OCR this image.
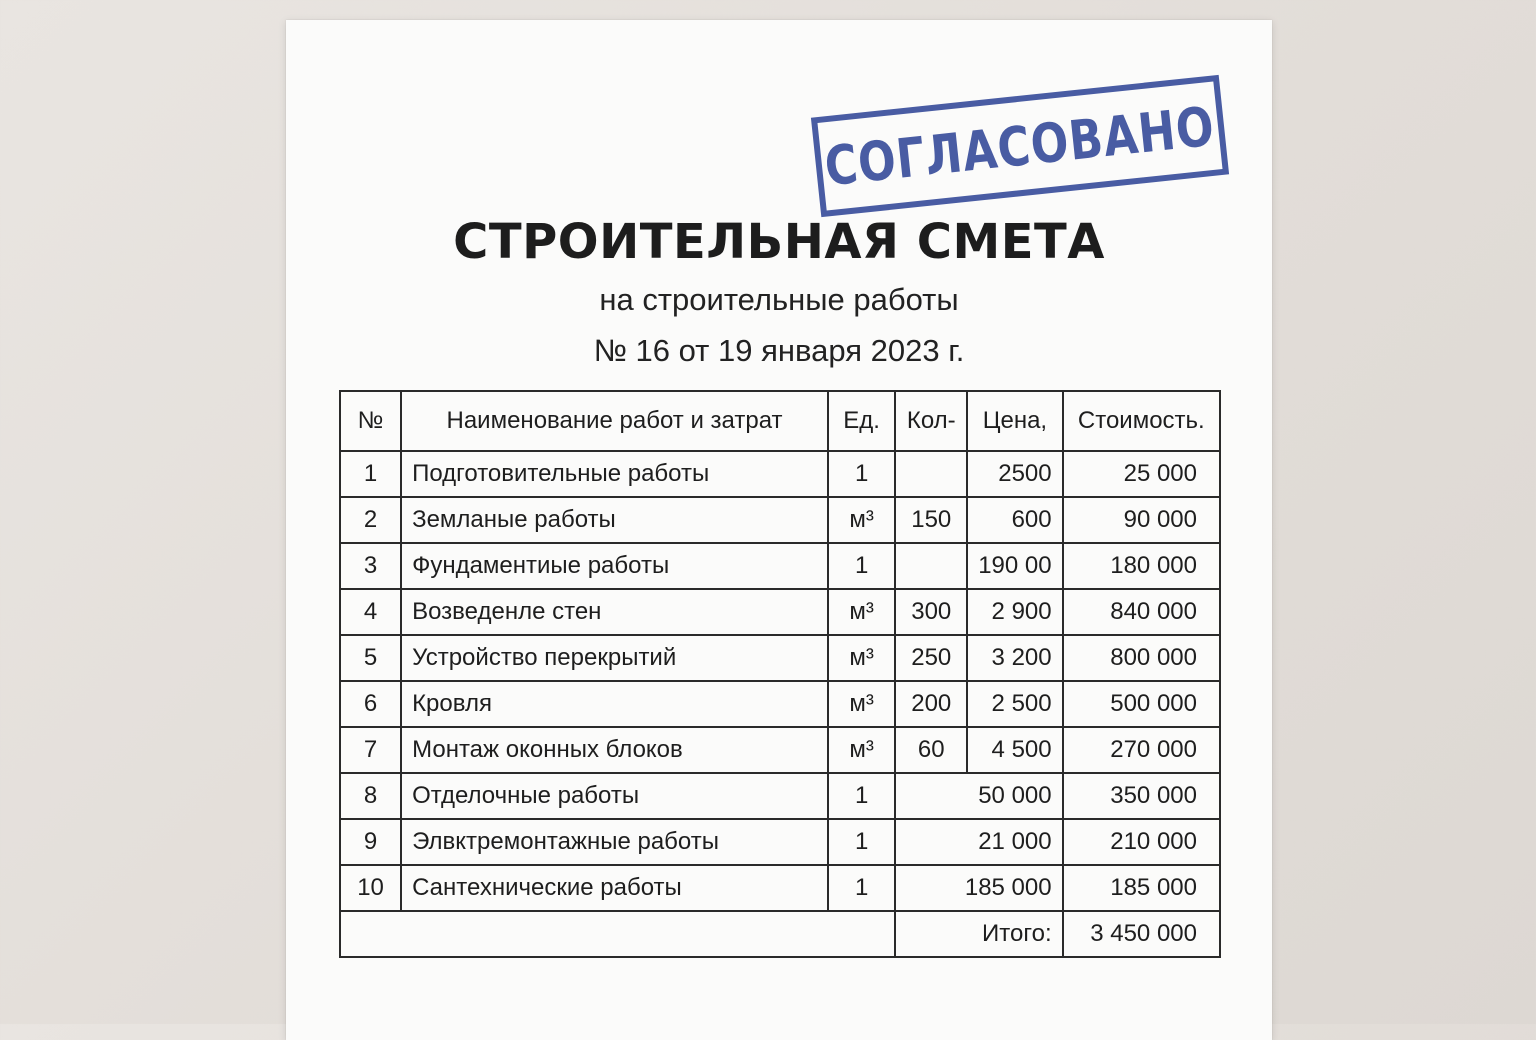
СОГЛАСОВАНО
СТРОИТЕЛЬНАЯ СМЕТА
на строительные работы
№ 16 от 19 января 2023 г.
№	Наименование работ и затрат	Ед.	Кол-	Цена,	Стоимость.
1	Подготовительные работы	1		2500	25 000
2	Земланые работы	м³	150	600	90 000
3	Фундаментиые работы	1		190 00	180 000
4	Возведенле стен	м³	300	2 900	840 000
5	Устройство перекрытий	м³	250	3 200	800 000
6	Кровля	м³	200	2 500	500 000
7	Монтаж оконных блоков	м³	60	4 500	270 000
8	Отделочные работы	1	50 000		350 000
9	Элвктремонтажные работы	1	21 000		210 000
10	Сантехнические работы	1	185 000		185 000
			Итого:		3 450 000
